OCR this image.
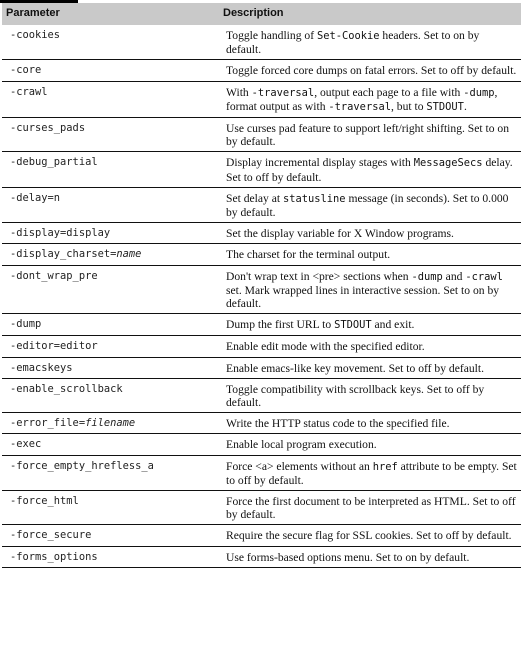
Parameter	Description
-cookies	Toggle handling of Set-Cookie headers. Set to on by default.
-core	Toggle forced core dumps on fatal errors. Set to off by default.
-crawl	With -traversal, output each page to a file with -dump, format output as with -traversal, but to STDOUT.
-curses_pads	Use curses pad feature to support left/right shifting. Set to on by default.
-debug_partial	Display incremental display stages with MessageSecs delay. Set to off by default.
-delay=n	Set delay at statusline message (in seconds). Set to 0.000 by default.
-display=display	Set the display variable for X Window programs.
-display_charset=name	The charset for the terminal output.
-dont_wrap_pre	Don't wrap text in <pre> sections when -dump and -crawl set. Mark wrapped lines in interactive session. Set to on by default.
-dump	Dump the first URL to STDOUT and exit.
-editor=editor	Enable edit mode with the specified editor.
-emacskeys	Enable emacs-like key movement. Set to off by default.
-enable_scrollback	Toggle compatibility with scrollback keys. Set to off by default.
-error_file=filename	Write the HTTP status code to the specified file.
-exec	Enable local program execution.
-force_empty_hrefless_a	Force <a> elements without an href attribute to be empty. Set to off by default.
-force_html	Force the first document to be interpreted as HTML. Set to off by default.
-force_secure	Require the secure flag for SSL cookies. Set to off by default.
-forms_options	Use forms-based options menu. Set to on by default.
